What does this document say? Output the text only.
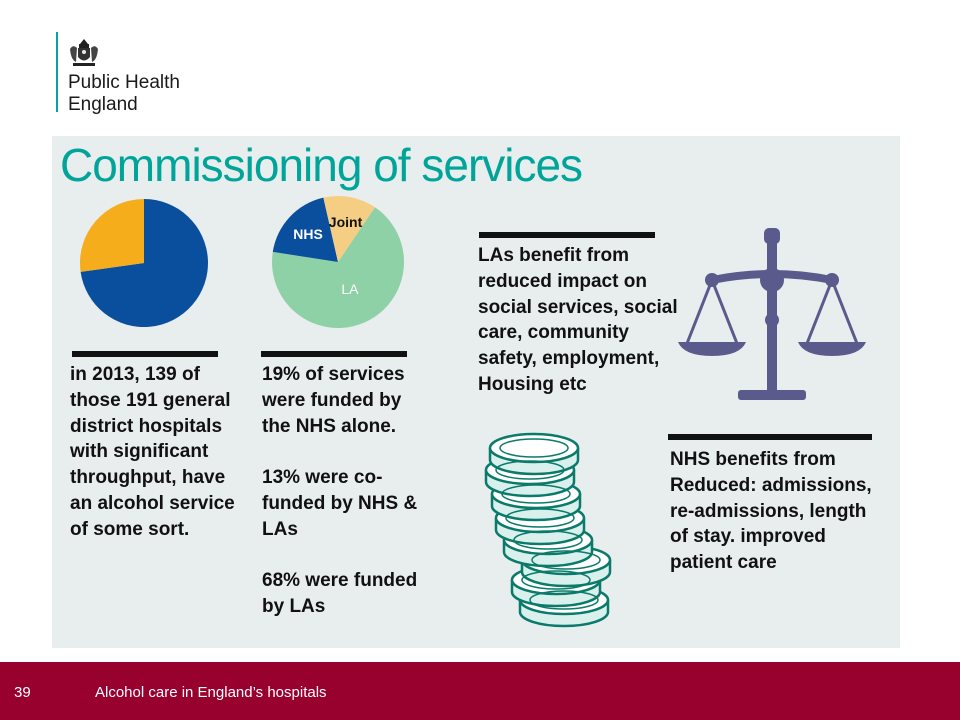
Public Health
England
Commissioning of services
LA
NHS
Joint

in 2013, 139 of those 191 general district hospitals with significant throughput, have an alcohol service of some sort.

19% of services were funded by the NHS alone.

13% were co-funded by NHS & LAs

68% were funded by LAs

LAs benefit from reduced impact on social services, social care, community safety, employment, Housing etc

NHS benefits from Reduced: admissions, re-admissions, length of stay. improved patient care

39	Alcohol care in England’s hospitals
